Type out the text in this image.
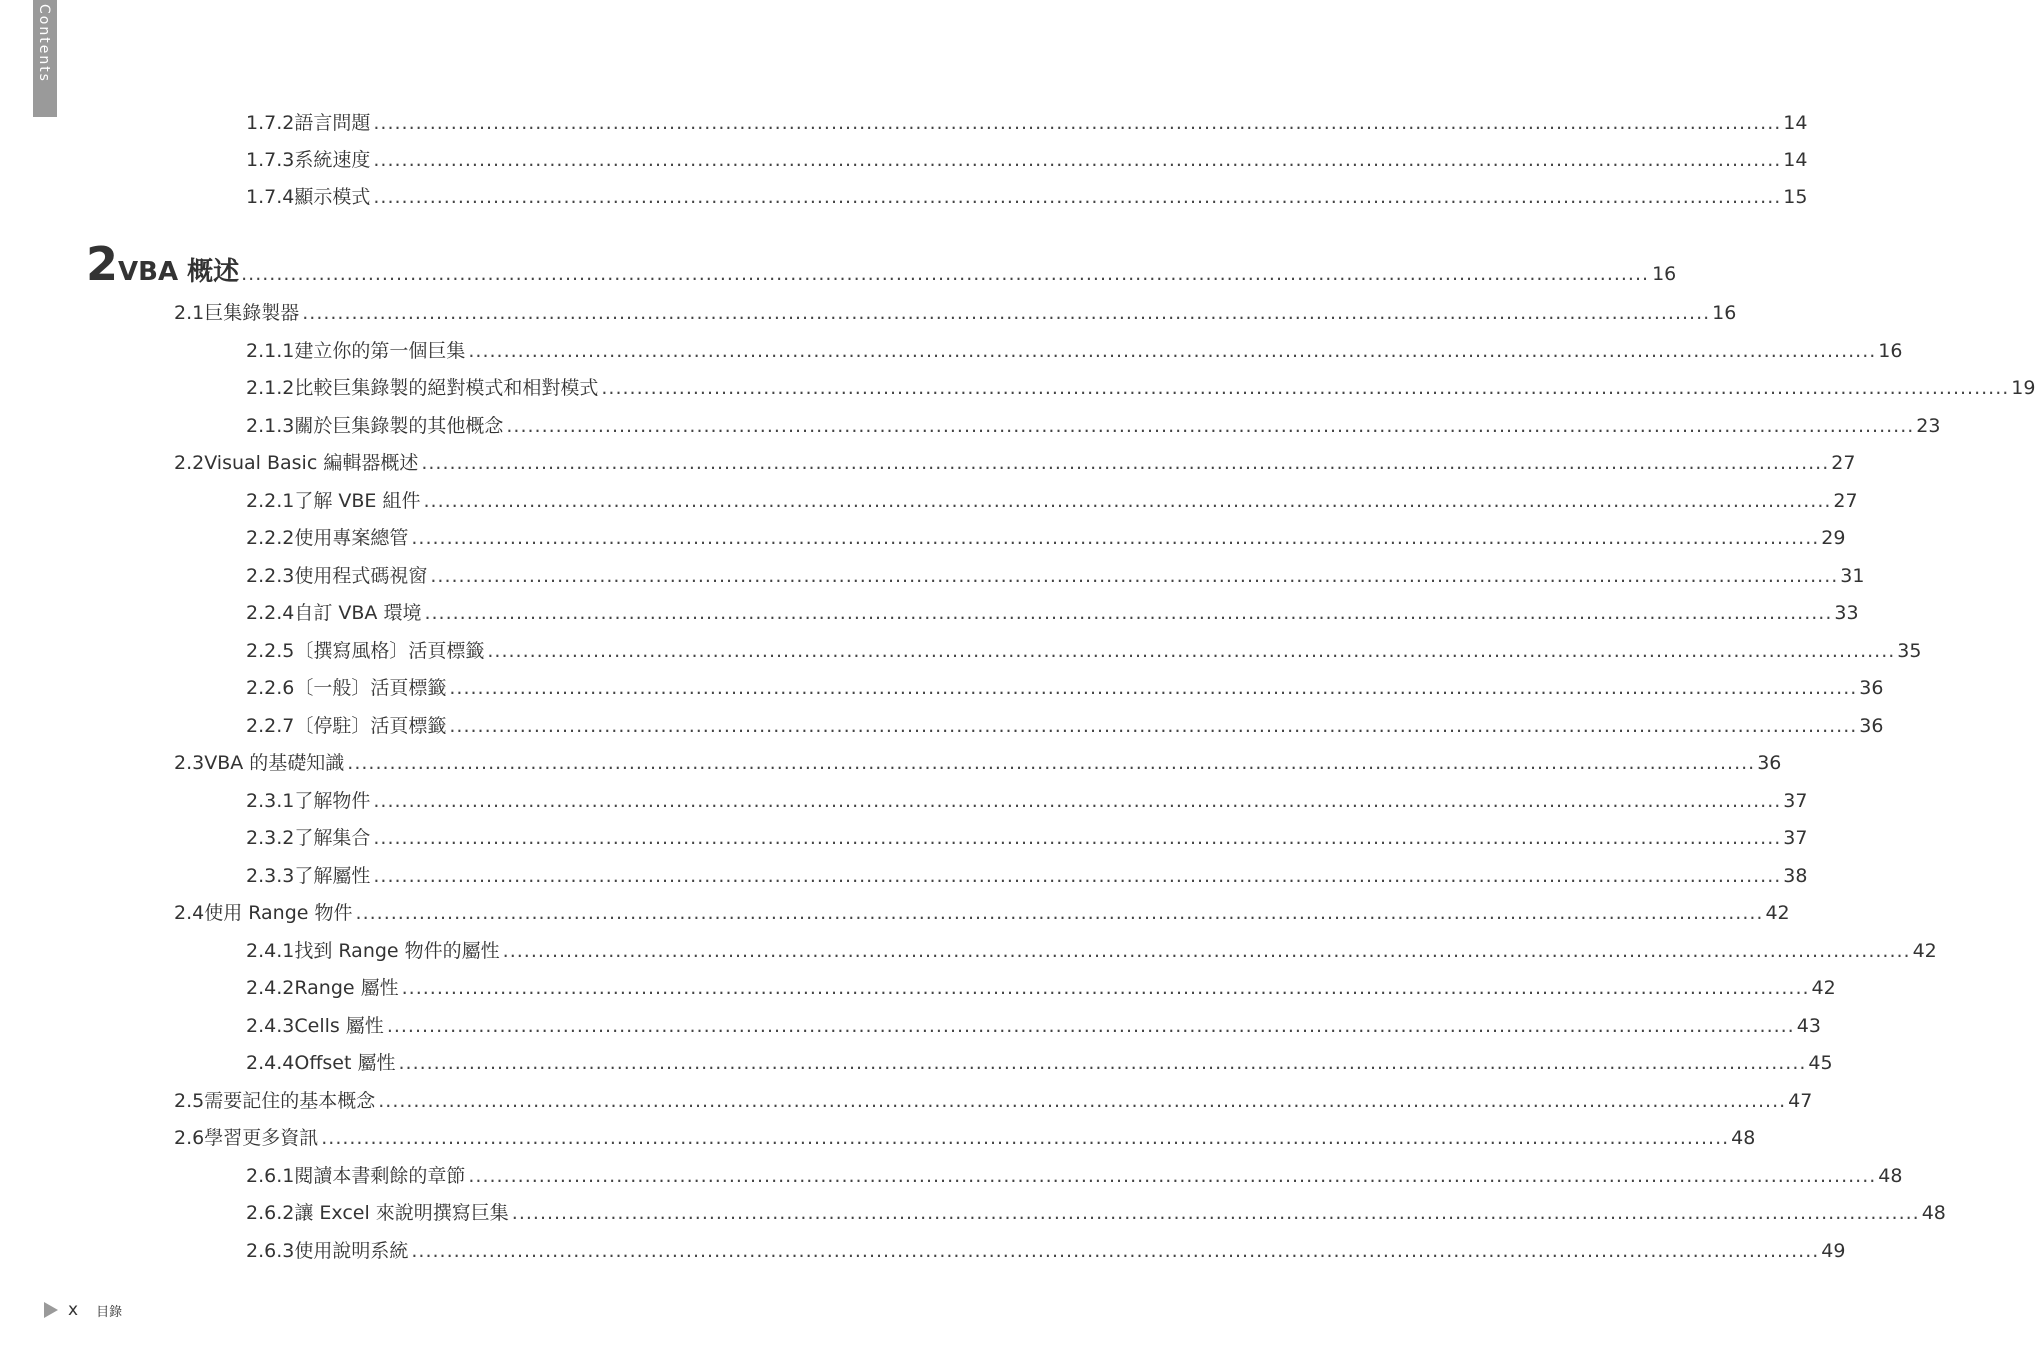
Contents
1.7.2 語言問題 ........................................................................................................................................................................................................ 14
1.7.3 系統速度 ........................................................................................................................................................................................................ 14
1.7.4 顯示模式 ........................................................................................................................................................................................................ 15
2 VBA 概述 ........................................................................................................................................................................................................ 16
2.1 巨集錄製器 ........................................................................................................................................................................................................ 16
2.1.1 建立你的第一個巨集 ........................................................................................................................................................................................................ 16
2.1.2 比較巨集錄製的絕對模式和相對模式 ........................................................................................................................................................................................................ 19
2.1.3 關於巨集錄製的其他概念 ........................................................................................................................................................................................................ 23
2.2 Visual Basic 編輯器概述 ........................................................................................................................................................................................................ 27
2.2.1 了解 VBE 組件 ........................................................................................................................................................................................................ 27
2.2.2 使用專案總管 ........................................................................................................................................................................................................ 29
2.2.3 使用程式碼視窗 ........................................................................................................................................................................................................ 31
2.2.4 自訂 VBA 環境 ........................................................................................................................................................................................................ 33
2.2.5 〔撰寫風格〕活頁標籤 ........................................................................................................................................................................................................ 35
2.2.6 〔一般〕活頁標籤 ........................................................................................................................................................................................................ 36
2.2.7 〔停駐〕活頁標籤 ........................................................................................................................................................................................................ 36
2.3 VBA 的基礎知識 ........................................................................................................................................................................................................ 36
2.3.1 了解物件 ........................................................................................................................................................................................................ 37
2.3.2 了解集合 ........................................................................................................................................................................................................ 37
2.3.3 了解屬性 ........................................................................................................................................................................................................ 38
2.4 使用 Range 物件 ........................................................................................................................................................................................................ 42
2.4.1 找到 Range 物件的屬性 ........................................................................................................................................................................................................ 42
2.4.2 Range 屬性 ........................................................................................................................................................................................................ 42
2.4.3 Cells 屬性 ........................................................................................................................................................................................................ 43
2.4.4 Offset 屬性 ........................................................................................................................................................................................................ 45
2.5 需要記住的基本概念 ........................................................................................................................................................................................................ 47
2.6 學習更多資訊 ........................................................................................................................................................................................................ 48
2.6.1 閱讀本書剩餘的章節 ........................................................................................................................................................................................................ 48
2.6.2 讓 Excel 來說明撰寫巨集 ........................................................................................................................................................................................................ 48
2.6.3 使用說明系統 ........................................................................................................................................................................................................ 49
x 目錄
